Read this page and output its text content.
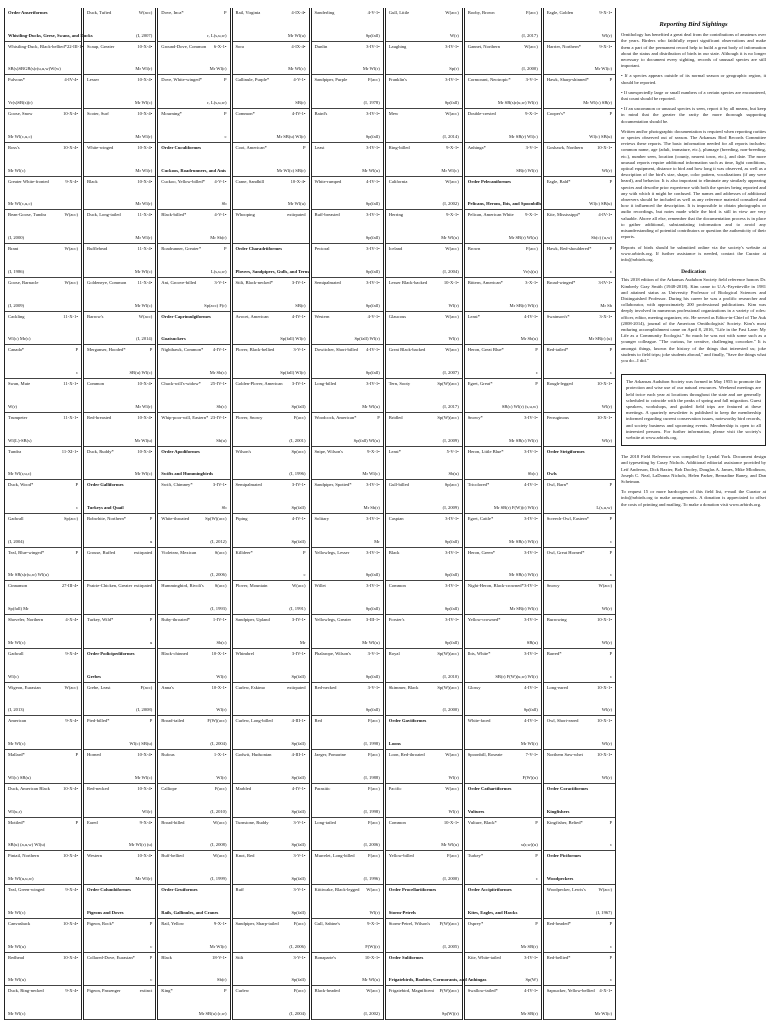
Order Anseriformes
Whistling-Ducks, Geese, Swans, and Ducks
Whistling-Duck, Black-bellied* 22-III-1•
SB(s)SBGB(s)r(u,u,w)W(w)
Fulvous*	4-IV-4•
Vr(s)SB(s)(r)
Goose, Snow	10-X-4•
Mr Wl(c,u,c)
Ross's	10-X-4•
Mr Wl(c)
Greater White-fronted	9-X-4•
Mr Wl(c,u,c)
Bean-Goose, Tundra	W(acc)
(I, 2000)
Brant	W(acc)
(I, 1986)
Goose, Barnacle	W(acc)
(I, 2009)
Cackling	11-X-1•
Wl(c) Mr(c)
Canada*	P
c
Swan, Mute	11-X-1•
W(r)
Trumpeter	11-X-1•
Wl(L)-SB(s)
Tundra	11-XI-1•
Mr Wl(r,u,c)
Duck, Wood*	P
c
Gadwall	Sp(acc)
(I, 2004)
Teal, Blue-winged*	P
Mr SB(s)r(u,w) Wl(u)
Cinnamon	27-III-4•
Sp(fall) Mr
Shoveler, Northern	4-X-4•
Mr Wl(c)
Gadwall	9-X-4•
Wl(c)
Wigeon, Eurasian	W(acc)
(I, 2013)
American	9-X-4•
Mr Wl(c)
Mallard*	P
Wl(c) SB(u)
Duck, American Black	10-X-4•
Wl(u,r)
Mottled*	P
SB(u) (a,u,w) Wl(u)
Pintail, Northern	10-X-4•
Mr Wl(u,u,w)
Teal, Green-winged	9-X-4•
Mr Wl(c)
Canvasback	10-X-4•
Mr Wl(u)
Redhead	10-X-4•
Mr Wl(u)
Duck, Ring-necked	9-X-4•
Mr Wl(c)
Duck, Tufted	W(acc)
(I, 2007)
Scaup, Greater	10-X-4•
Mr Wl(r)
Lesser	10-X-4•
Mr Wl(c)
Scoter, Surf	10-X-4•
Mr Wl(r)
White-winged	10-X-4•
Mr Wl(r)
Black	10-X-4•
Mr Wl(r)
Duck, Long-tailed	11-X-4•
Mr Wl(r)
Bufflehead	11-X-4•
Mr Wl(c)
Goldeneye, Common 11-X-4•
Mr Wl(c)
Barrow's	W(acc)
(I, 2014)
Merganser, Hooded*	P
SB(u) Wl(c)
Common	10-X-4•
Mr Wl(r)
Red-breasted	10-X-4•
Mr Wl(u)
Duck, Ruddy*	10-X-4•
Mr Wl(c)
Order Galliformes
Turkeys and Quail
Bobwhite, Northern*	P
u
Grouse, Ruffed	extirpated
Prairie-Chicken, Greater extirpated
Turkey, Wild*	P
u
Order Podicipediformes
Grebes
Grebe, Least	F(acc)
(I, 2008)
Pied-billed*	P
Wl(c) SB(u)
Horned	10-X-4•
Mr Wl(c)
Red-necked	10-X-4•
Wl(r)
Eared	9-X-4•
Mr Wl(r) (u)
Western	10-X-4•
Mr Wl(r)
Order Columbiformes
Pigeons and Doves
Pigeon, Rock*	P
c
Collared-Dove, Eurasian*	P
c
Pigeon, Passenger	extinct
Dove, Inca*	P
r, L(s,u,w)
Ground-Dove, Common 6-X-1•
Mr Wl(r)
Dove, White-winged*	P
r, L(s,u,w)
Mourning*	P
c
Order Cuculiformes
Cuckoos, Roadrunners, and Anis
Cuckoo, Yellow-billed* 4-V-1•
Sb
Black-billed*	4-V-1•
Mr Sb(r)
Roadrunner, Greater*	P
L(s,u,w)
Ani, Groove-billed	3-V-1•
Sp(acc) F(r)
Order Caprimulgiformes
Goatsuckers
Nighthawk, Common* 4-IV-1•
Mr Sb(c)
Chuck-will's-widow* 25-IV-1•
Sb(c)
Whip-poor-will, Eastern* 23-IV-1•
Sb(u)
Order Apodiformes
Swifts and Hummingbirds
Swift, Chimney*	3-IV-1•
Sb
White-throated	Sp(W)(acc)
(I, 2012)
Violetear, Mexican	S(acc)
(I, 2006)
Hummingbird, Rivoli's S(acc)
(I, 1993)
Ruby-throated*	1-IV-1•
Sb(c)
Black-chinned	10-X-1•
Wl(r)
Anna's	10-X-1•
Wl(r)
Broad-tailed	F(W)(acc)
(I, 2004)
Rufous	1-X-1•
Wl(r)
Calliope	F(acc)
(I, 2010)
Broad-billed	W(acc)
(I, 2008)
Buff-bellied	W(acc)
(I, 1999)
Order Gruiformes
Rails, Gallinules, and Cranes
Rail, Yellow	9-X-1•
Mr Wl(r)
Black	18-V-1•
Sb(r)
King*	P
Mr SB(u) (r,w)
Rail, Virginia	4-IX-4•
Mr Wl(u)
Sora	4-IX-4•
Mr Wl(c)
Gallinule, Purple*	4-V-1•
SB(r)
Common*	4-IV-1•
Mr SB(u) Wl(r)
Coot, American*	P
Mr Wl(c) SB(r)
Crane, Sandhill	10-X-4•
Mr Wl(u)
Whooping	extirpated
Order Charadriiformes
Plovers, Sandpipers, Gulls, and Terns
Stilt, Black-necked*	3-IV-1•
SB(r)
Avocet, American	4-IV-1•
Sp(fall) Wl(r)
Plover, Black-bellied	3-V-1•
Sp(fall) Wl(r)
Golden-Plover, American 3-IV-1•
Sp(fall)
Plover, Snowy	F(acc)
(I, 2001)
Wilson's	Sp(acc)
(I, 1996)
Semipalmated	3-IV-1•
Sp(fall)
Piping	4-IV-1•
Sp(fall)
Killdeer*	P
c
Plover, Mountain	W(acc)
(I, 1991)
Sandpiper, Upland	3-IV-1•
Mr
Whimbrel	3-IV-1•
Sp(fall)
Curlew, Eskimo	extirpated
Curlew, Long-billed	4-III-1•
Sp(fall)
Godwit, Hudsonian	4-III-1•
Sp(fall)
Marbled	4-IV-1•
Sp(fall)
Turnstone, Ruddy	3-V-1•
Sp(fall)
Knot, Red	3-V-1•
Sp(fall)
Ruff	3-V-1•
Sp(fall)
Sandpiper, Sharp-tailed	F(acc)
(I, 2006)
Stilt	3-V-1•
Sp(fall)
Curlew	F(acc)
(I, 2004)
Sanderling	4-V-1•
Sp(fall)
Dunlin	3-IV-1•
Mr Wl(r)
Sandpiper, Purple	F(acc)
(I, 1978)
Baird's	3-IV-1•
Sp(fall)
Least	3-IV-1•
Mr Wl(u)
White-rumped	4-IV-1•
Sp(fall)
Buff-breasted	3-IV-1•
Sp(fall)
Pectoral	3-IV-1•
Sp(fall)
Semipalmated	3-IV-1•
Sp(fall)
Western	4-V-1•
Sp(fall) Wl(r)
Dowitcher, Short-billed 4-IV-1•
Sp(fall)
Long-billed	3-IV-1•
Mr Wl(u)
Woodcock, American*	P
Sp(fall) Wl(u)
Snipe, Wilson's	9-X-1•
Mr Wl(c)
Sandpiper, Spotted*	3-IV-1•
Mr Sb(r)
Solitary	3-IV-1•
Mr
Yellowlegs, Lesser	3-IV-1•
Sp(fall)
Willet	3-IV-1•
Sp(fall)
Yellowlegs, Greater	3-III-1•
Mr Wl(u)
Phalarope, Wilson's	3-V-1•
Sp(fall)
Red-necked	3-V-1•
Sp(fall)
Red	F(acc)
(I, 1998)
Jaeger, Pomarine	F(acc)
(I, 1988)
Parasitic	F(acc)
(I, 1998)
Long-tailed	F(acc)
(I, 2006)
Murrelet, Long-billed	F(acc)
(I, 1996)
Kittiwake, Black-legged W(acc)
Wl(r)
Gull, Sabine's	9-X-1•
F(W)(r)
Bonaparte's	10-X-1•
Mr Wl(u)
Black-headed	W(acc)
(I, 2002)
Gull, Little	W(acc)
W(r)
Laughing	3-IV-1•
Sp(r)
Franklin's	3-IV-1•
Sp(fall)
Mew	W(acc)
(I, 2014)
Ring-billed	9-X-1•
Mr Wl(c)
California	W(acc)
(I, 2002)
Herring	9-X-1•
Mr Wl(u)
Iceland	W(acc)
(I, 2004)
Lesser Black-backed	10-X-1•
Wl(r)
Glaucous	W(acc)
Wl(r)
Great Black-backed	W(acc)
(I, 2007)
Tern, Sooty	Sp(W)(acc)
(I, 2017)
Bridled	Sp(W)(acc)
(I, 2009)
Least*	5-V-1•
Sb(u)
Gull-billed	Sp(acc)
(I, 2009)
Caspian	3-IV-1•
Sp(fall)
Black	3-IV-1•
Sp(fall)
Common	3-IV-1•
Sp(fall)
Forster's	3-IV-1•
Sp(fall)
Royal	Sp(W)(acc)
(I, 2010)
Skimmer, Black	Sp(W)(acc)
(I, 2000)
Order Gaviiformes
Loons
Loon, Red-throated	W(acc)
Wl(r)
Pacific	W(acc)
Wl(r)
Common	10-X-1•
Mr Wl(u)
Yellow-billed	F(acc)
(I, 2000)
Order Procellariiformes
Storm-Petrels
Storm-Petrel, Wilson's F(W)(acc)
(I, 2005)
Order Suliformes
Frigatebirds, Boobies, Cormorants, and Anhingas
Frigatebird, Magnificent F(W)(acc)
Sp(W)(r)
Booby, Brown	F(acc)
(I, 2017)
Gannet, Northern	W(acc)
(I, 2000)
Cormorant, Neotropic*	3-V-1•
Mr SB(s)r(u,w) Wl(r)
Double-crested	9-X-1•
Mr SB(r) Wl(c)
Anhinga*	3-V-1•
SB(r) Wl(r)
Order Pelecaniformes
Pelicans, Herons, Ibis, and Spoonbills
Pelican, American White 9-X-1•
Mr SB(r) Wl(u)
Brown	F(acc)
Vr(s)(u)
Bittern, American*	3-X-1•
Mr SB(r) Wl(r)
Least*	4-IV-1•
Mr Sb(u)
Heron, Great Blue*	P
c
Egret, Great*	P
SB(c) Wl(r) (s,u,w)
Snowy*	3-IV-1•
Mr SB(c) Wl(r)
Heron, Little Blue*	3-IV-1•
Sb(c)
Tricolored*	4-IV-1•
Mr SB(r) F(W)(r) Wl(r)
Egret, Cattle*	3-IV-1•
Mr SB(c) Wl(r)
Heron, Green*	3-IV-1•
Mr SB(c) Wl(r)
Night-Heron, Black-crowned* 3-IV-1•
Mr SB(r) Wl(r)
Yellow-crowned*	3-IV-1•
SB(u)
Ibis, White*	3-IV-1•
SB(r) F(W)(u,w) Wl(r)
Glossy	4-IV-1•
Sp(fall)
White-faced	4-IV-1•
Mr Wl(r)
Spoonbill, Roseate	7-V-1•
F(W)(u)
Order Cathartiformes
Vultures
Vulture, Black*	P
u(r,w)(u)
Turkey*	P
c
Order Accipitriformes
Kites, Eagles, and Hawks
Osprey*	P
Mr SB(r)
Kite, White-tailed	3-IV-1•
Sp(W)
Swallow-tailed*	4-IV-1•
Mr SB(r)
Eagle, Golden	9-X-1•
Wl(r)
Harrier, Northern*	9-X-1•
Mr Wl(c)
Hawk, Sharp-shinned*	P
Mr Wl(c) SB(r)
Cooper's*	P
Wl(c) SB(u)
Goshawk, Northern	10-X-1•
Wl(r)
Eagle, Bald*	P
Wl(c) SB(u)
Kite, Mississippi*	4-IV-1•
Sb(c) (u,w)
Hawk, Red-shouldered*	P
c
Broad-winged*	3-IV-1•
Mr Sb
Swainson's*	3-X-1•
Mr SB(r) (u)
Red-tailed*	P
c
Rough-legged	10-X-1•
Wl(r)
Ferruginous	10-X-1•
Wl(r)
Order Strigiformes
Owls
Owl, Barn*	P
L(s,u,w)
Screech-Owl, Eastern*	P
c
Owl, Great Horned*	P
c
Snowy	W(acc)
Wl(r)
Burrowing	10-X-1•
Wl(r)
Barred*	P
c
Long-eared	10-X-1•
Wl(r)
Owl, Short-eared	10-X-1•
Wl(r)
Northern Saw-whet	10-X-1•
Wl(r)
Order Coraciiformes
Kingfishers
Kingfisher, Belted*	P
c
Order Piciformes
Woodpeckers
Woodpecker, Lewis's	W(acc)
(I, 1967)
Red-headed*	P
c
Red-bellied*	P
c
Sapsucker, Yellow-bellied 4-X-1•
Mr Wl(c)
Reporting Bird Sightings

Ornithology has benefited a great deal from the contributions of amateurs over the years. Birders who faithfully report significant observations and make them a part of the permanent record help to build a great body of information about the status and distribution of birds in our state. Although it is no longer necessary to document every sighting, records of unusual species are still important.

• If a species appears outside of its normal season or geographic region, it should be reported.

• If unexpectedly large or small numbers of a certain species are encountered, that count should be reported.

• If an uncommon or unusual species is seen, report it by all means, but keep in mind that the greater the rarity the more thorough supporting documentation should be.

Written and/or photographic documentation is required when reporting rarities or species observed out of season. The Arkansas Bird Records Committee reviews these reports. The basic information needed for all reports includes: common name, age (adult, immature, etc.), plumage (breeding, non-breeding, etc.), number seen, location (county, nearest town, etc.), and date. The more unusual reports require additional information such as time, light conditions, optical equipment, distance to bird and how long it was observed, as well as a description of the bird's size, shape, color pattern, vocalizations (if any were heard), and behavior. It is also important to eliminate any similarly appearing species and describe prior experience with both the species being reported and any with which it might be confused. The names and addresses of additional observers should be included as well as any reference material consulted and how it influenced the description. It is impossible to obtain photographs or audio recordings, but notes made while the bird is still in view are very valuable. Above all else, remember that the documentation process is in place to gather additional, substantiating information and to avoid any misunderstanding of potential contributors or question the authenticity of their reports.

Reports of birds should be submitted online via the society's website at www.arbirds.org. If further assistance is needed, contact the Curator at info@arbirds.org.

Dedication

This 2018 edition of the Arkansas Audubon Society field reference honors Dr. Kimberly Gray Smith (1948-2018). Kim came to U.A.-Fayetteville in 1981 and attained status as University Professor of Biological Sciences and Distinguished Professor. During his career he was a prolific researcher and collaborator, with approximately 200 professional publications. Kim was deeply involved in numerous professional organizations in a variety of roles: officer, editor, meeting organizer, etc. He served as Editor-in-Chief of The Auk (2008-2014), journal of the American Ornithologists' Society. Kim's most enduring accomplishment came on April 8, 2016, "Life in the Fast Lane: My Life as a Community Ecologist." So much he was not with some such as a younger colleague. "The curious, he creative, challenging coworker." It is amongst things, known the history of the things that interested us; joke students to field trips; joke students abroad," and finally, "Save the things what you do...I did."

The Arkansas Audubon Society was formed in May 1955 to promote the protection and wise use of our natural resources. Weekend meetings are held twice each year at locations throughout the state and are generally scheduled to coincide with the peaks of spring and fall migration. Guest speakers, workshops, and guided field trips are featured at these meetings. A quarterly newsletter is published to keep the membership informed regarding current conservation issues, noteworthy bird records, and society business and upcoming events. Membership is open to all interested persons. For further information, please visit the society's website at www.arbirds.org.

The 2018 Field Reference was compiled by Lyndal York. Document design and typesetting by Casey Nichols. Additional editorial assistance provided by Leif Anderson, Dick Baxter, Bob Dooley, Douglas A. James, Mike Mlodinow, Joseph C. Neal, LaDonna Nichols, Helen Parker, Bernadine Raney, and Dan Scheiman.

To request 15 or more hardcopies of this field list, e-mail the Curator at info@arbirds.org to make arrangements. A donation is appreciated to offset the costs of printing and mailing. To make a donation visit www.arbirds.org.
